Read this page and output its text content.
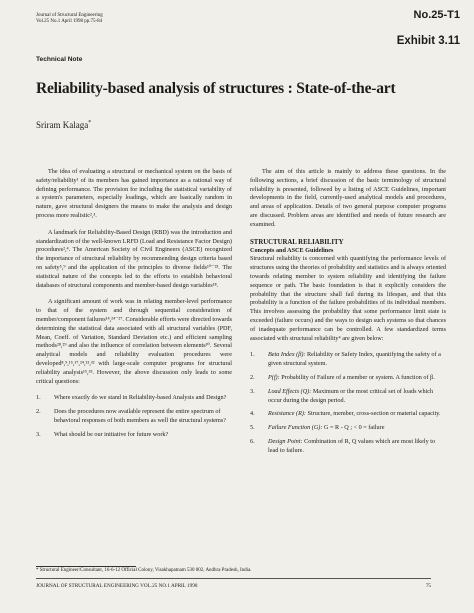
Journal of Structural Engineering
Vol.25 No.1 April 1998 pp.75-84
No.25-T1
Exhibit 3.11
Technical Note
Reliability-based analysis of structures : State-of-the-art
Sriram Kalaga*

The idea of evaluating a structural or mechanical system on the basis of safety/reliability¹ of its members has gained importance as a rational way of defining performance. The provision for including the statistical variability of a system's parameters, especially loadings, which are basically random in nature, gave structural designers the means to make the analysis and design process more realistic²,³.

A landmark for Reliability-Based Design (RBD) was the introduction and standardization of the well-known LRFD (Load and Resistance Factor Design) procedures²,⁴. The American Society of Civil Engineers (ASCE) recognized the importance of structural reliability by recommending design criteria based on safety⁵,⁹ and the application of the principles to diverse fields¹⁰⁻²³. The statistical nature of the concepts led to the efforts to establish behavioral databases of structural components and member-based design variables¹⁸.

A significant amount of work was in relating member-level performance to that of the system and through sequential consideration of member/component failures¹⁴,²⁴⁻²⁷. Considerable efforts were directed towards determining the statistical data associated with all structural variables (PDF, Mean, Coeff. of Variation, Standard Deviation etc.) and efficient sampling methods²⁸,²⁹ and also the influence of correlation between elements³⁰. Several analytical models and reliability evaluation procedures were developed⁸,⁹,¹⁵,¹⁷,²⁴,³¹,³² with large-scale computer programs for structural reliability analysis¹⁵,³³. However, the above discussion only leads to some critical questions:

1.	Where exactly do we stand in Reliability-based Analysis and Design?
2.	Does the procedures now available represent the entire spectrum of behavioral responses of both members as well the structural systems?
3.	What should be our initiative for future work?

The aim of this article is mainly to address these questions. In the following sections, a brief discussion of the basic terminology of structural reliability is presented, followed by a listing of ASCE Guidelines, important developments in the field, currently-used analytical models and procedures, and areas of application. Details of two general purpose computer programs are discussed. Problem areas are identified and needs of future research are examined.

STRUCTURAL RELIABILITY
Concepts and ASCE Guidelines

Structural reliability is concerned with quantifying the performance levels of structures using the theories of probability and statistics and is always oriented towards relating member to system reliability and identifying the failure sequence or path. The basic foundation is that it explicitly considers the probability that the structure shall fail during its lifespan, and that this probability is a function of the failure probabilities of its individual members. This involves assessing the probability that some performance limit state is exceeded (failure occurs) and the ways to design such systems so that chances of inadequate performance can be controlled. A few standardized terms associated with structural reliability⁴ are given below:

1.	Beta Index (β): Reliability or Safety Index, quantifying the safety of a given structural system.
2.	P(f): Probability of Failure of a member or system. A function of β.
3.	Load Effects (Q): Maximum or the most critical set of loads which occur during the design period.
4.	Resistance (R): Structure, member, cross-section or material capacity.
5.	Failure Function (G): G = R - Q ; < 0 = failure
6.	Design Point: Combination of R, Q values which are most likely to lead to failure.
* Structural Engineer/Consultant, 16-6-12 Official Colony, Visakhapatnam 530 002, Andhra Pradesh, India.
JOURNAL OF STRUCTURAL ENGINEERING VOL.25 NO.1 APRIL 1998	75
